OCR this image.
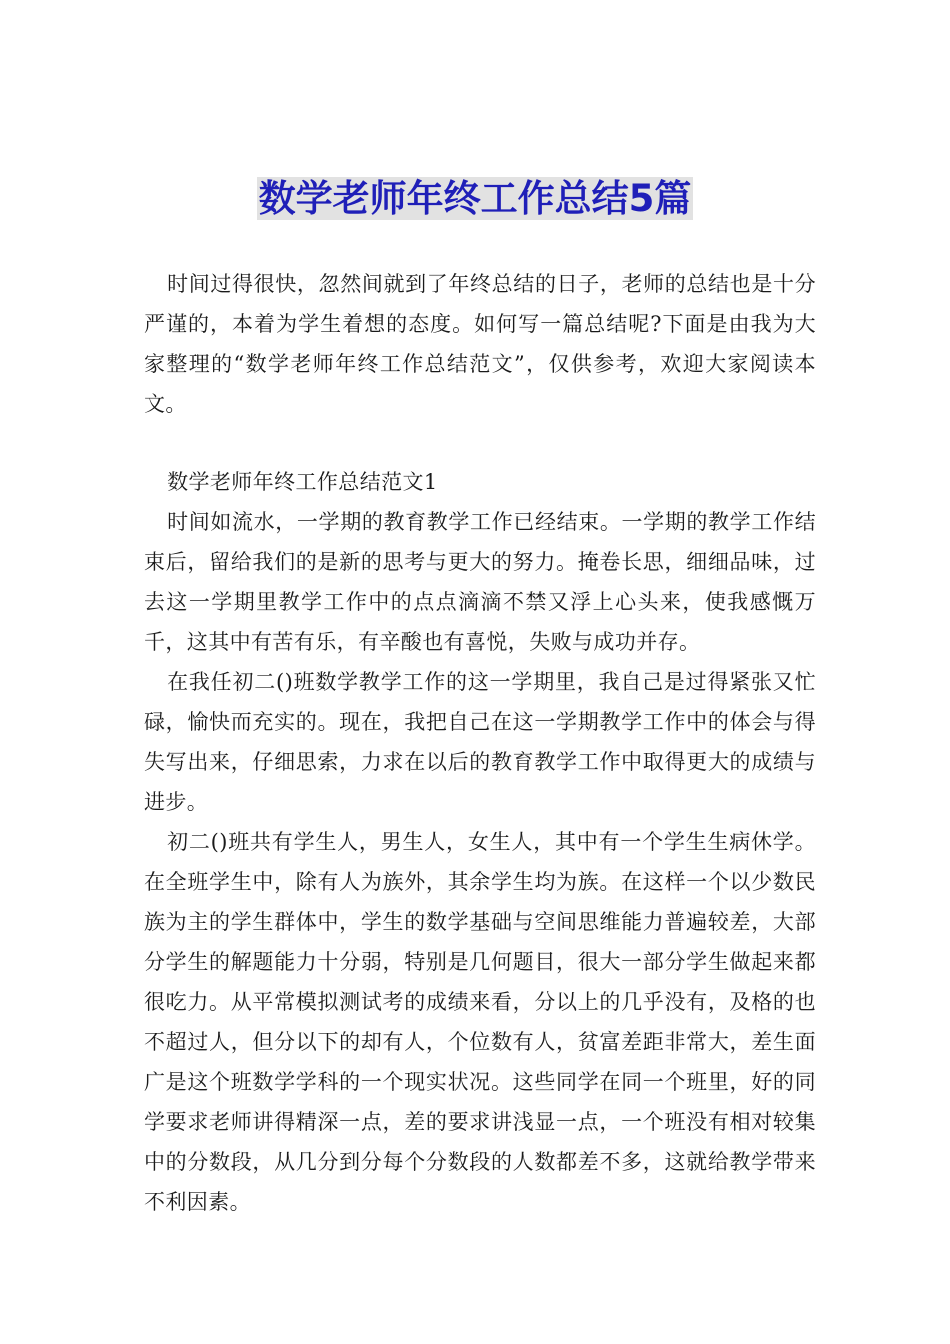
数学老师年终工作总结5篇

时间过得很快，忽然间就到了年终总结的日子，老师的总结也是十分严谨的，本着为学生着想的态度。如何写一篇总结呢?下面是由我为大家整理的“数学老师年终工作总结范文”，仅供参考，欢迎大家阅读本文。

数学老师年终工作总结范文1

时间如流水，一学期的教育教学工作已经结束。一学期的教学工作结束后，留给我们的是新的思考与更大的努力。掩卷长思，细细品味，过去这一学期里教学工作中的点点滴滴不禁又浮上心头来，使我感慨万千，这其中有苦有乐，有辛酸也有喜悦，失败与成功并存。

在我任初二()班数学教学工作的这一学期里，我自己是过得紧张又忙碌，愉快而充实的。现在，我把自己在这一学期教学工作中的体会与得失写出来，仔细思索，力求在以后的教育教学工作中取得更大的成绩与进步。

初二()班共有学生人，男生人，女生人，其中有一个学生生病休学。在全班学生中，除有人为族外，其余学生均为族。在这样一个以少数民族为主的学生群体中，学生的数学基础与空间思维能力普遍较差，大部分学生的解题能力十分弱，特别是几何题目，很大一部分学生做起来都很吃力。从平常模拟测试考的成绩来看，分以上的几乎没有，及格的也不超过人，但分以下的却有人，个位数有人，贫富差距非常大，差生面广是这个班数学学科的一个现实状况。这些同学在同一个班里，好的同学要求老师讲得精深一点，差的要求讲浅显一点，一个班没有相对较集中的分数段，从几分到分每个分数段的人数都差不多，这就给教学带来不利因素。
